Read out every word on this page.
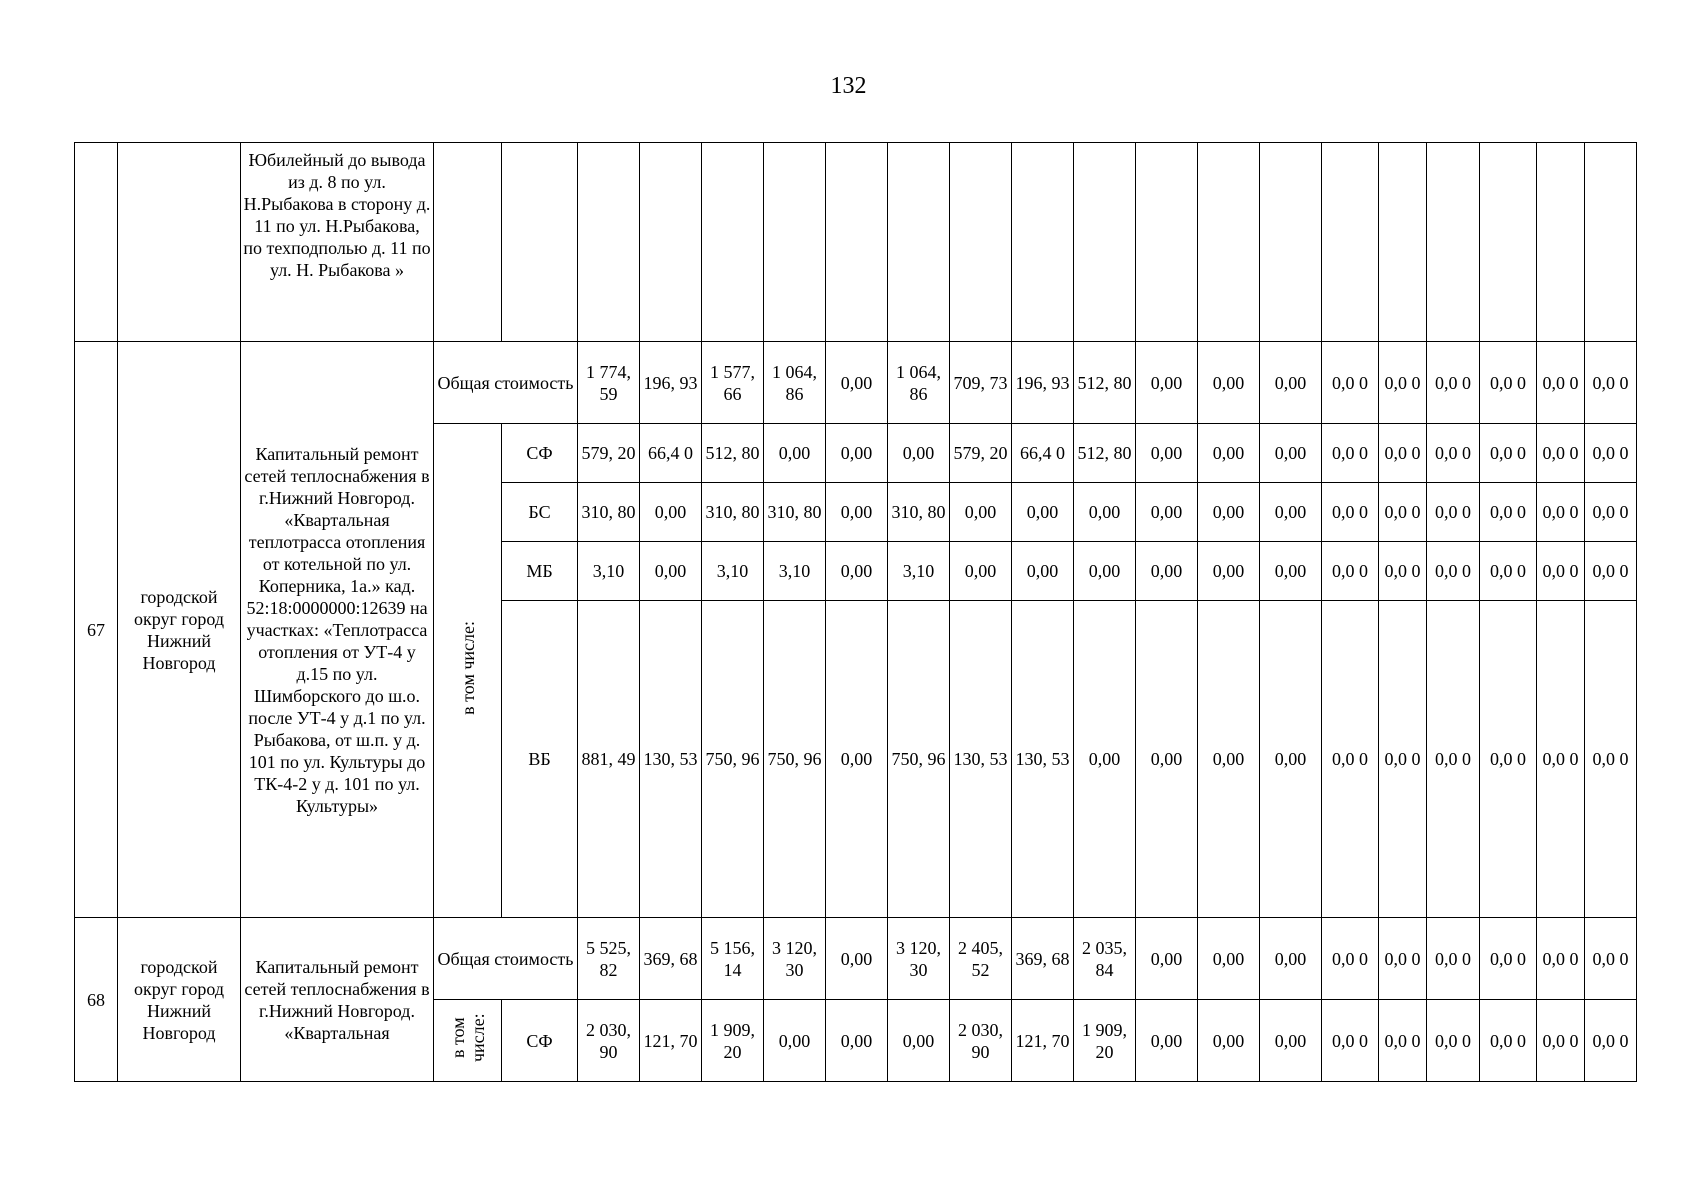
132
		Юбилейный до вывода из д. 8 по ул. Н.Рыбакова в сторону д. 11 по ул. Н.Рыбакова, по техподполью д. 11 по ул. Н. Рыбакова »																				
67	городской округ город Нижний Новгород	Капитальный ремонт сетей теплоснабжения в г.Нижний Новгород. «Квартальная теплотрасса отопления от котельной по ул. Коперника, 1а.» кад. 52:18:0000000:12639 на участках: «Теплотрасса отопления от УТ-4 у д.15 по ул. Шимборского до ш.о. после УТ-4 у д.1 по ул. Рыбакова, от ш.п. у д. 101 по ул. Культуры до ТК-4-2 у д. 101 по ул. Культуры»	Общая стоимость		1 774, 59	196, 93	1 577, 66	1 064, 86	0,00	1 064, 86	709, 73	196, 93	512, 80	0,00	0,00	0,00	0,0 0	0,0 0	0,0 0	0,0 0	0,0 0	0,0 0
			в том числе:	СФ	579, 20	66,4 0	512, 80	0,00	0,00	0,00	579, 20	66,4 0	512, 80	0,00	0,00	0,00	0,0 0	0,0 0	0,0 0	0,0 0	0,0 0	0,0 0
				БС	310, 80	0,00	310, 80	310, 80	0,00	310, 80	0,00	0,00	0,00	0,00	0,00	0,00	0,0 0	0,0 0	0,0 0	0,0 0	0,0 0	0,0 0
				МБ	3,10	0,00	3,10	3,10	0,00	3,10	0,00	0,00	0,00	0,00	0,00	0,00	0,0 0	0,0 0	0,0 0	0,0 0	0,0 0	0,0 0
				ВБ	881, 49	130, 53	750, 96	750, 96	0,00	750, 96	130, 53	130, 53	0,00	0,00	0,00	0,00	0,0 0	0,0 0	0,0 0	0,0 0	0,0 0	0,0 0
68	городской округ город Нижний Новгород	Капитальный ремонт сетей теплоснабжения в г.Нижний Новгород. «Квартальная	Общая стоимость		5 525, 82	369, 68	5 156, 14	3 120, 30	0,00	3 120, 30	2 405, 52	369, 68	2 035, 84	0,00	0,00	0,00	0,0 0	0,0 0	0,0 0	0,0 0	0,0 0	0,0 0
			в том числе:	СФ	2 030, 90	121, 70	1 909, 20	0,00	0,00	0,00	2 030, 90	121, 70	1 909, 20	0,00	0,00	0,00	0,0 0	0,0 0	0,0 0	0,0 0	0,0 0	0,0 0
